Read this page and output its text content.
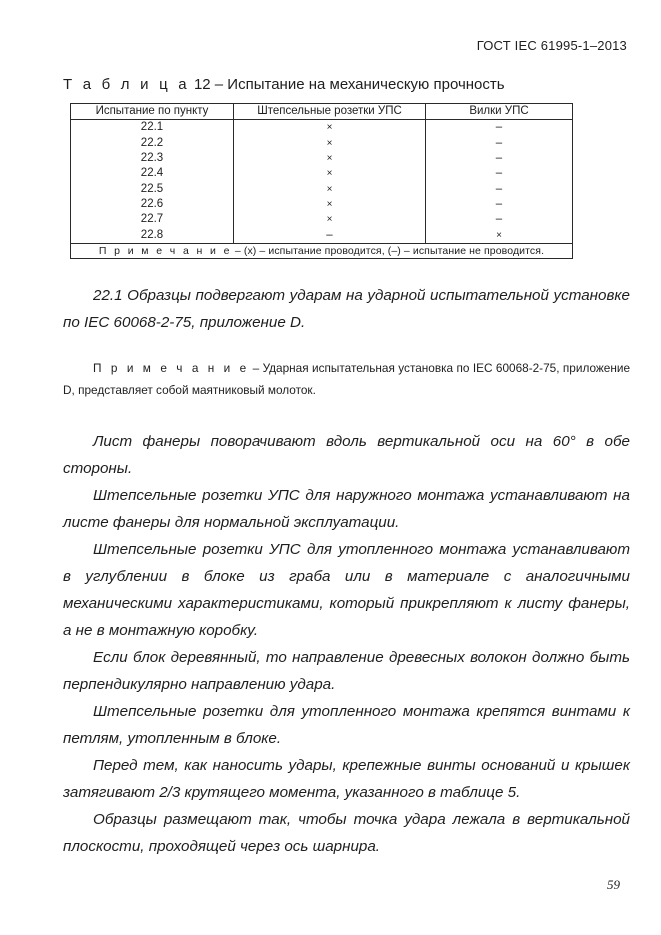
ГОСТ IEC 61995-1–2013
Т а б л и ц а 12 – Испытание на механическую прочность
Испытание по пункту	Штепсельные розетки УПС	Вилки УПС
22.1	×	–
22.2	×	–
22.3	×	–
22.4	×	–
22.5	×	–
22.6	×	–
22.7	×	–
22.8	–	×
П р и м е ч а н и е – (х) – испытание проводится, (–) – испытание не проводится.		
22.1 Образцы подвергают ударам на ударной испытательной установке по IEC 60068-2-75, приложение D.
П р и м е ч а н и е – Ударная испытательная установка по IEC 60068-2-75, приложение D, представляет собой маятниковый молоток.
Лист фанеры поворачивают вдоль вертикальной оси на 60° в обе стороны.
Штепсельные розетки УПС для наружного монтажа устанавливают на листе фанеры для нормальной эксплуатации.
Штепсельные розетки УПС для утопленного монтажа устанавливают в углублении в блоке из граба или в материале с аналогичными механическими характеристиками, который прикрепляют к листу фанеры, а не в монтажную коробку.
Если блок деревянный, то направление древесных волокон должно быть перпендикулярно направлению удара.
Штепсельные розетки для утопленного монтажа крепятся винтами к петлям, утопленным в блоке.
Перед тем, как наносить удары, крепежные винты оснований и крышек затягивают 2/3 крутящего момента, указанного в таблице 5.
Образцы размещают так, чтобы точка удара лежала в вертикальной плоскости, проходящей через ось шарнира.
59
